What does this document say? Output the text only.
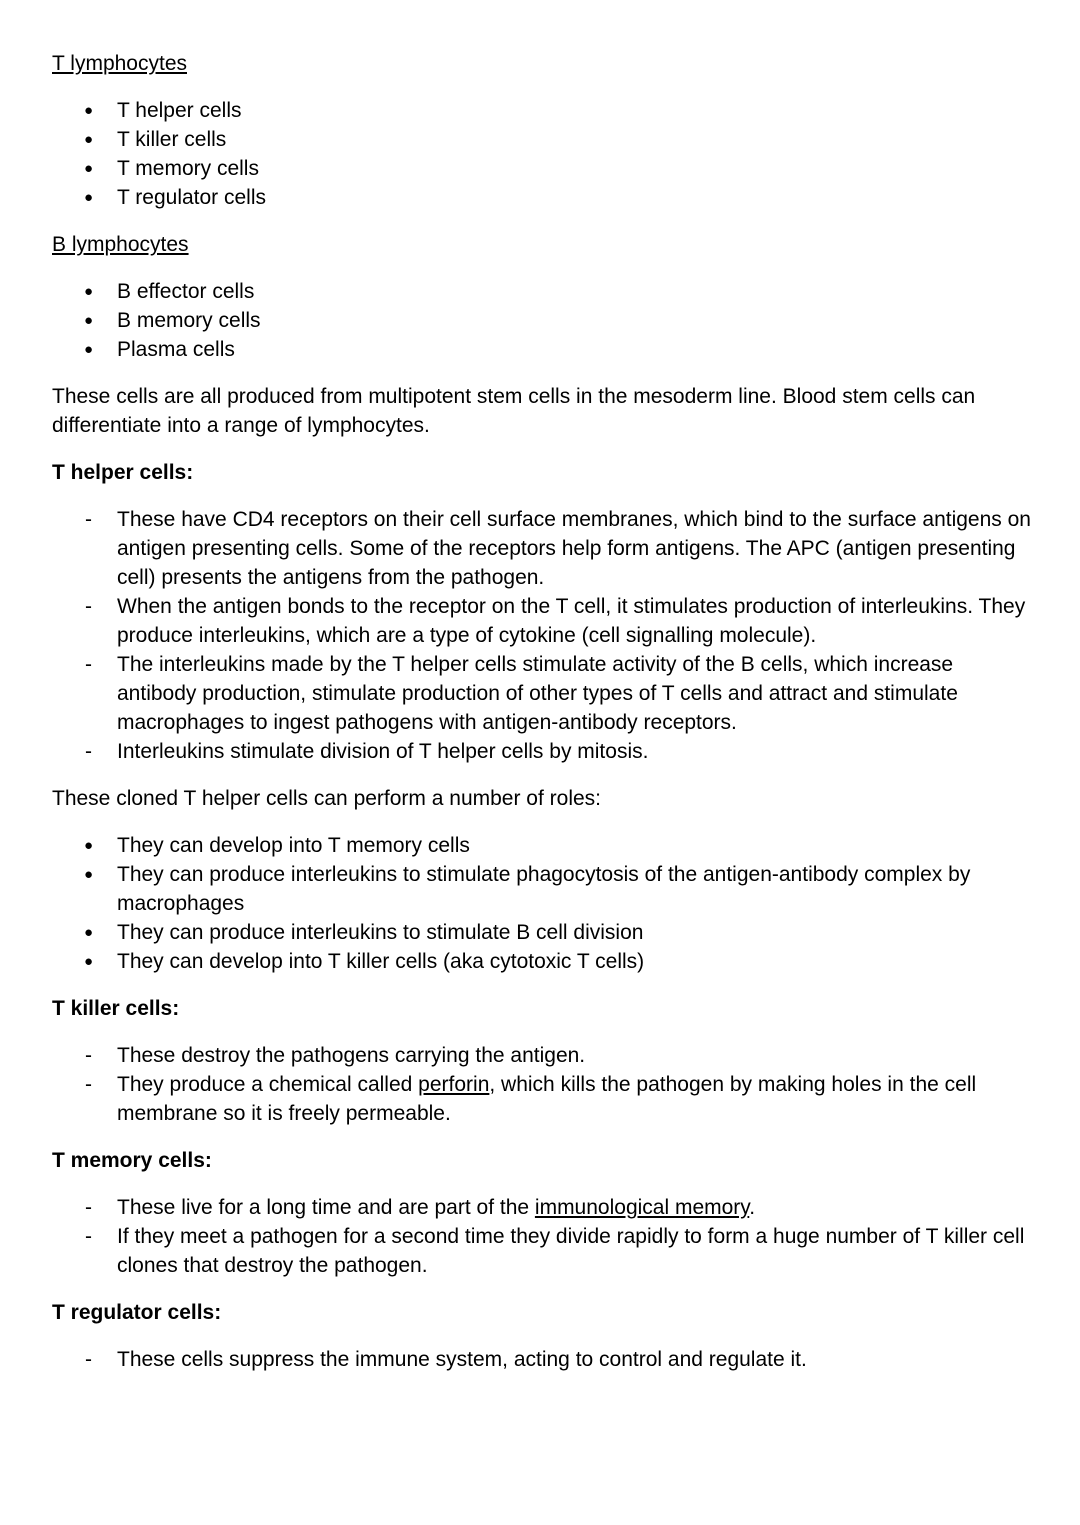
T lymphocytes

● T helper cells
● T killer cells
● T memory cells
● T regulator cells

B lymphocytes

● B effector cells
● B memory cells
● Plasma cells

These cells are all produced from multipotent stem cells in the mesoderm line. Blood stem cells can

differentiate into a range of lymphocytes.

T helper cells:

- These have CD4 receptors on their cell surface membranes, which bind to the surface antigens on antigen presenting cells. Some of the receptors help form antigens. The APC (antigen presenting cell) presents the antigens from the pathogen.
- When the antigen bonds to the receptor on the T cell, it stimulates production of interleukins. They produce interleukins, which are a type of cytokine (cell signalling molecule).
- The interleukins made by the T helper cells stimulate activity of the B cells, which increase antibody production, stimulate production of other types of T cells and attract and stimulate macrophages to ingest pathogens with antigen-antibody receptors.
- Interleukins stimulate division of T helper cells by mitosis.

These cloned T helper cells can perform a number of roles:

● They can develop into T memory cells
● They can produce interleukins to stimulate phagocytosis of the antigen-antibody complex by macrophages
● They can produce interleukins to stimulate B cell division
● They can develop into T killer cells (aka cytotoxic T cells)

T killer cells:

- These destroy the pathogens carrying the antigen.
- They produce a chemical called perforin, which kills the pathogen by making holes in the cell membrane so it is freely permeable.

T memory cells:

- These live for a long time and are part of the immunological memory.
- If they meet a pathogen for a second time they divide rapidly to form a huge number of T killer cell clones that destroy the pathogen.

T regulator cells:

- These cells suppress the immune system, acting to control and regulate it.
